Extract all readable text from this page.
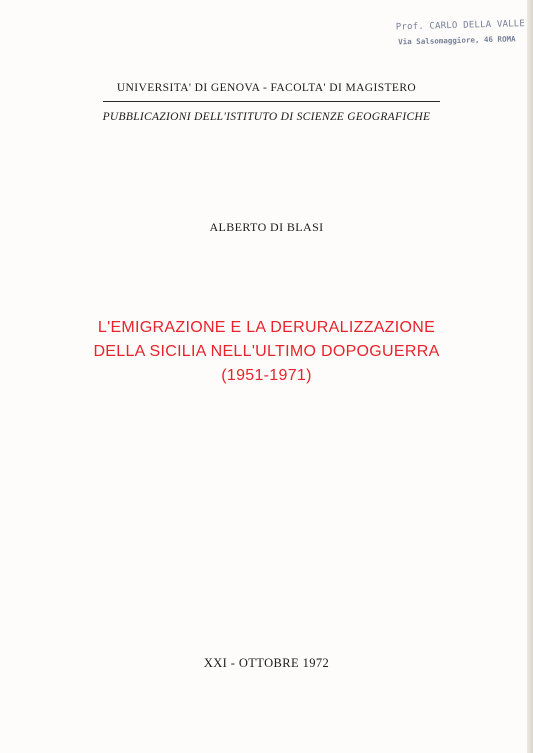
Prof. CARLO DELLA VALLE
Via Salsomaggiore, 46 ROMA
UNIVERSITA' DI GENOVA - FACOLTA' DI MAGISTERO
PUBBLICAZIONI DELL'ISTITUTO DI SCIENZE GEOGRAFICHE
ALBERTO DI BLASI
L'EMIGRAZIONE E LA DERURALIZZAZIONE
DELLA SICILIA NELL'ULTIMO DOPOGUERRA
(1951-1971)
XXI - OTTOBRE 1972
